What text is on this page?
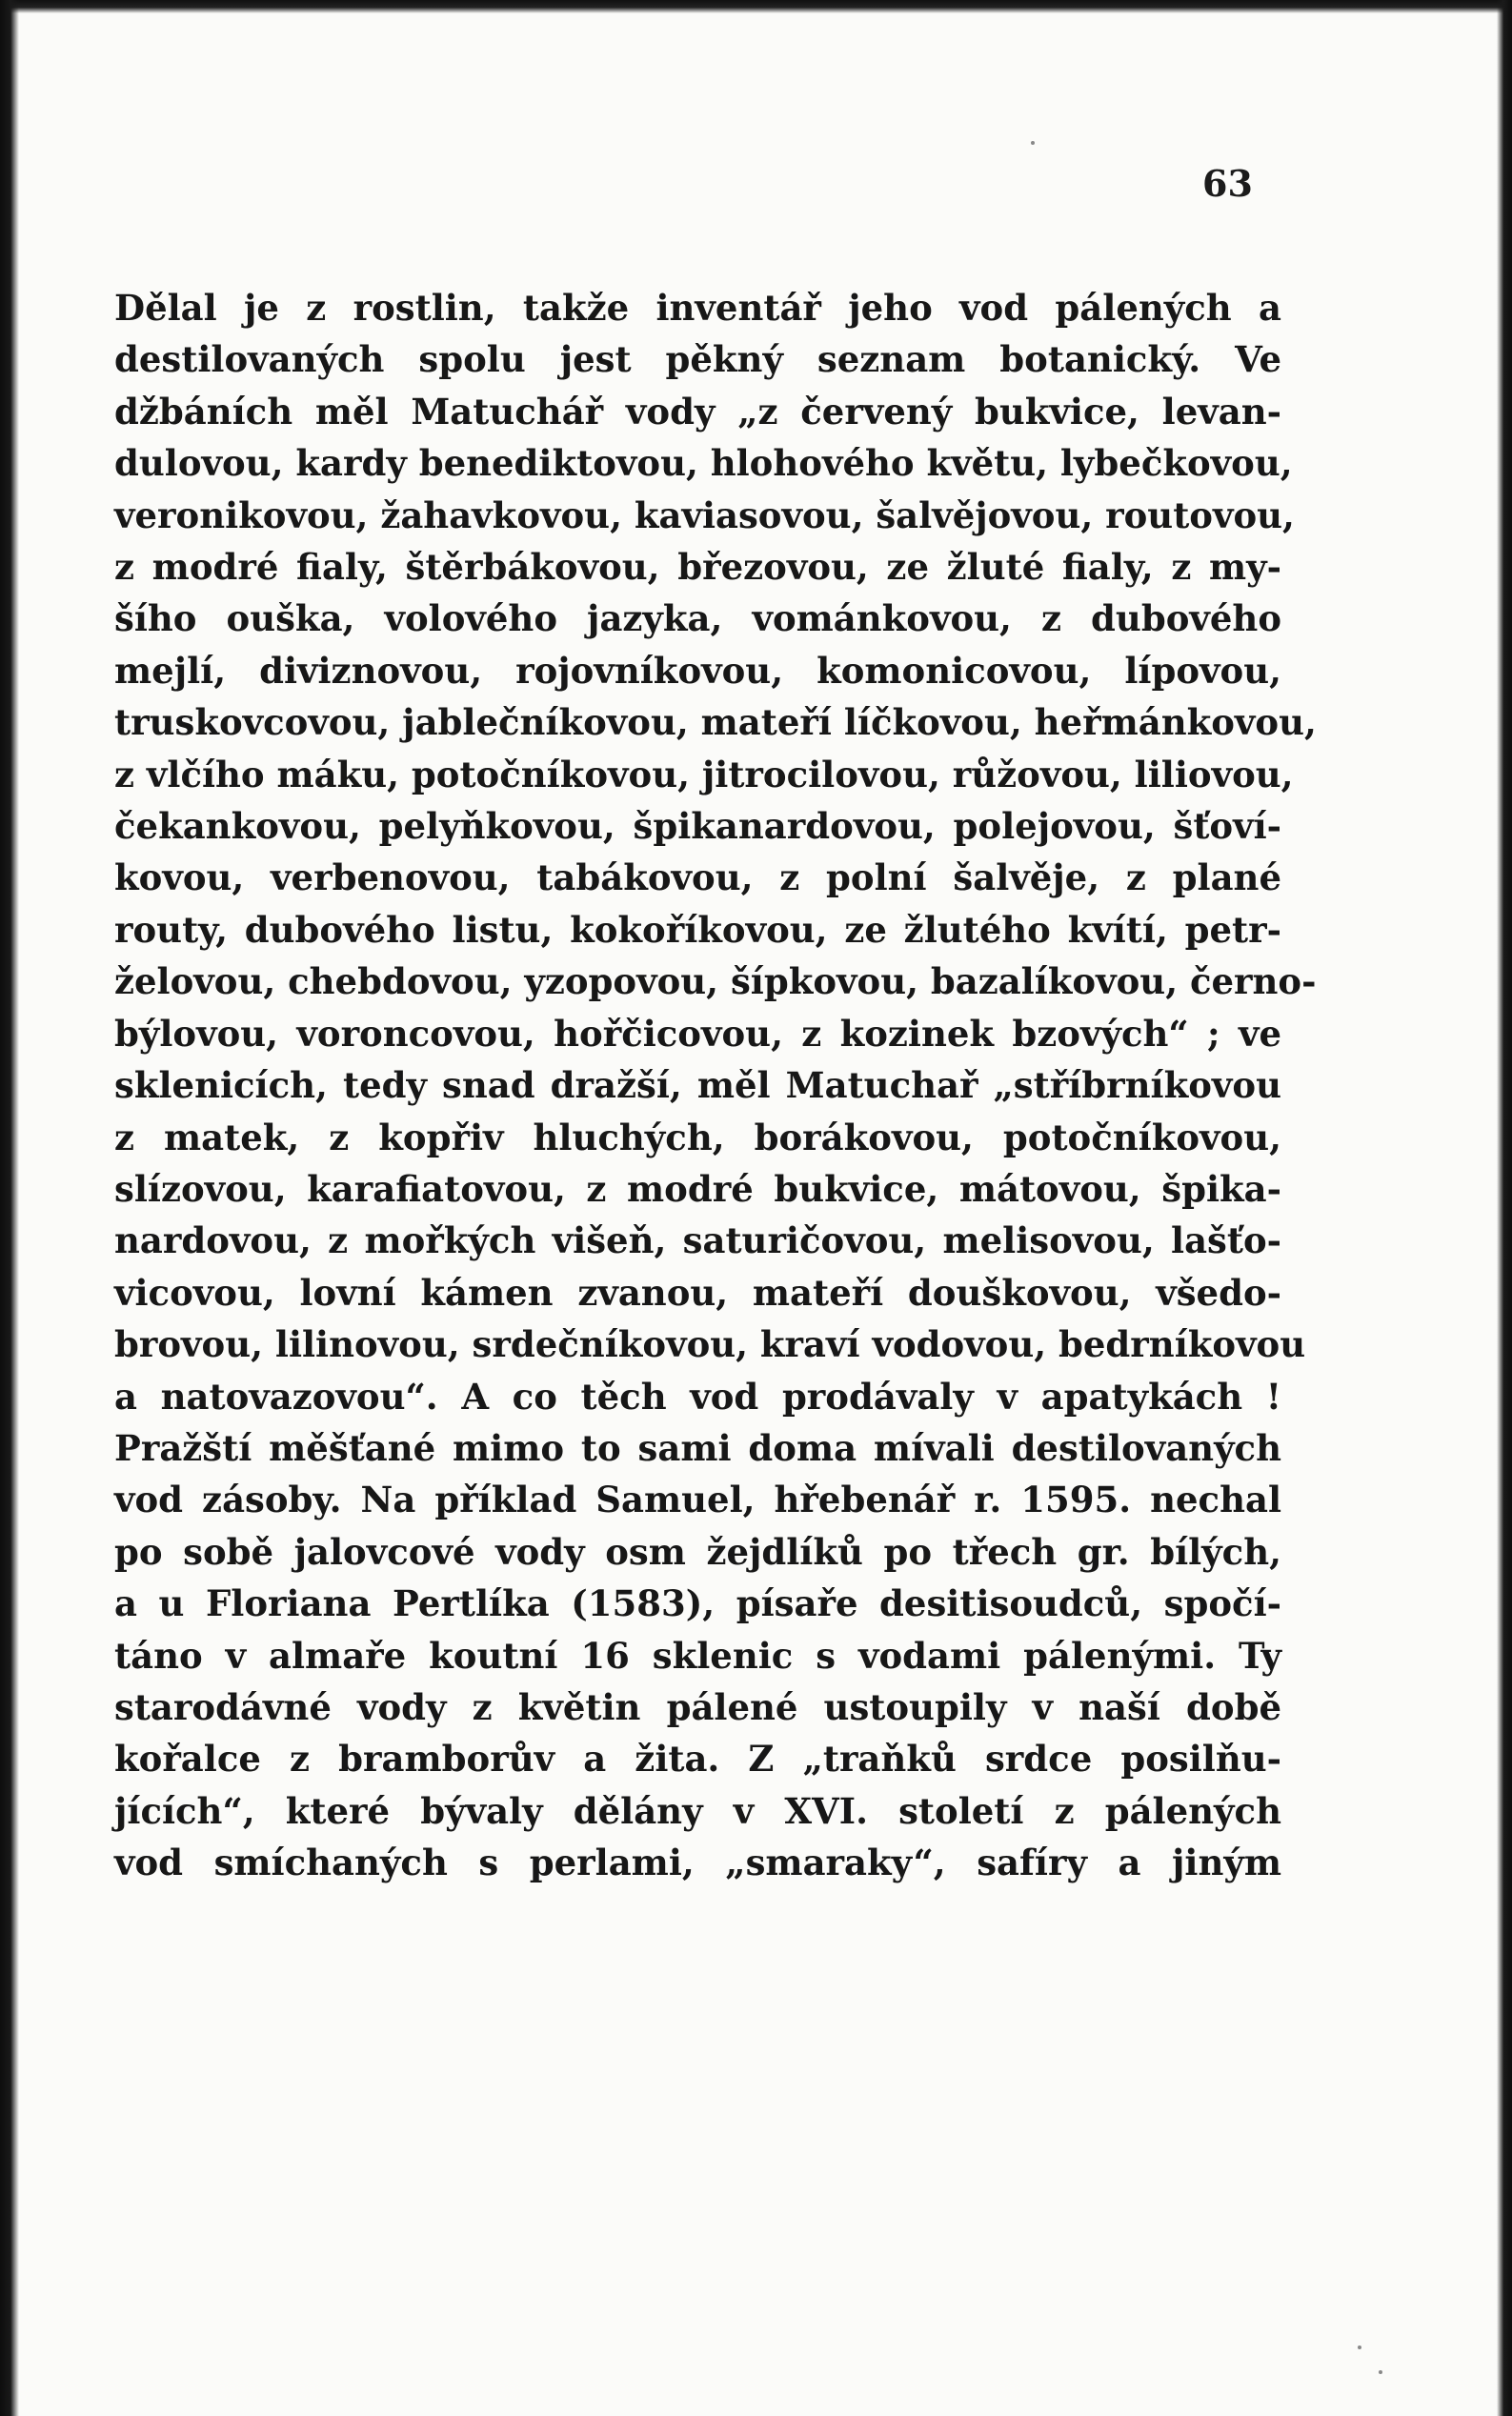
63

Dělal je z rostlin, takže inventář jeho vod pálených a
destilovaných spolu jest pěkný seznam botanický. Ve
džbáních měl Matuchář vody „z červený bukvice, levan-
dulovou, kardy benediktovou, hlohového květu, lybečkovou,
veronikovou, žahavkovou, kaviasovou, šalvějovou, routovou,
z modré fialy, štěrbákovou, březovou, ze žluté fialy, z my-
šího ouška, volového jazyka, vománkovou, z dubového
mejlí, diviznovou, rojovníkovou, komonicovou, lípovou,
truskovcovou, jablečníkovou, mateří líčkovou, heřmánkovou,
z vlčího máku, potočníkovou, jitrocilovou, růžovou, liliovou,
čekankovou, pelyňkovou, špikanardovou, polejovou, šťoví-
kovou, verbenovou, tabákovou, z polní šalvěje, z plané
routy, dubového listu, kokoříkovou, ze žlutého kvítí, petr-
želovou, chebdovou, yzopovou, šípkovou, bazalíkovou, černo-
býlovou, voroncovou, hořčicovou, z kozinek bzových“ ; ve
sklenicích, tedy snad dražší, měl Matuchař „stříbrníkovou
z matek, z kopřiv hluchých, borákovou, potočníkovou,
slízovou, karafiatovou, z modré bukvice, mátovou, špika-
nardovou, z mořkých višeň, saturičovou, melisovou, lašťo-
vicovou, lovní kámen zvanou, mateří douškovou, všedo-
brovou, lilinovou, srdečníkovou, kraví vodovou, bedrníkovou
a natovazovou“. A co těch vod prodávaly v apatykách !
Pražští měšťané mimo to sami doma mívali destilovaných
vod zásoby. Na příklad Samuel, hřebenář r. 1595. nechal
po sobě jalovcové vody osm žejdlíků po třech gr. bílých,
a u Floriana Pertlíka (1583), písaře desitisoudců, spočí-
táno v almaře koutní 16 sklenic s vodami pálenými. Ty
starodávné vody z květin pálené ustoupily v naší době
kořalce z bramborův a žita. Z „traňků srdce posilňu-
jících“, které bývaly dělány v XVI. století z pálených
vod smíchaných s perlami, „smaraky“, safíry a jiným
